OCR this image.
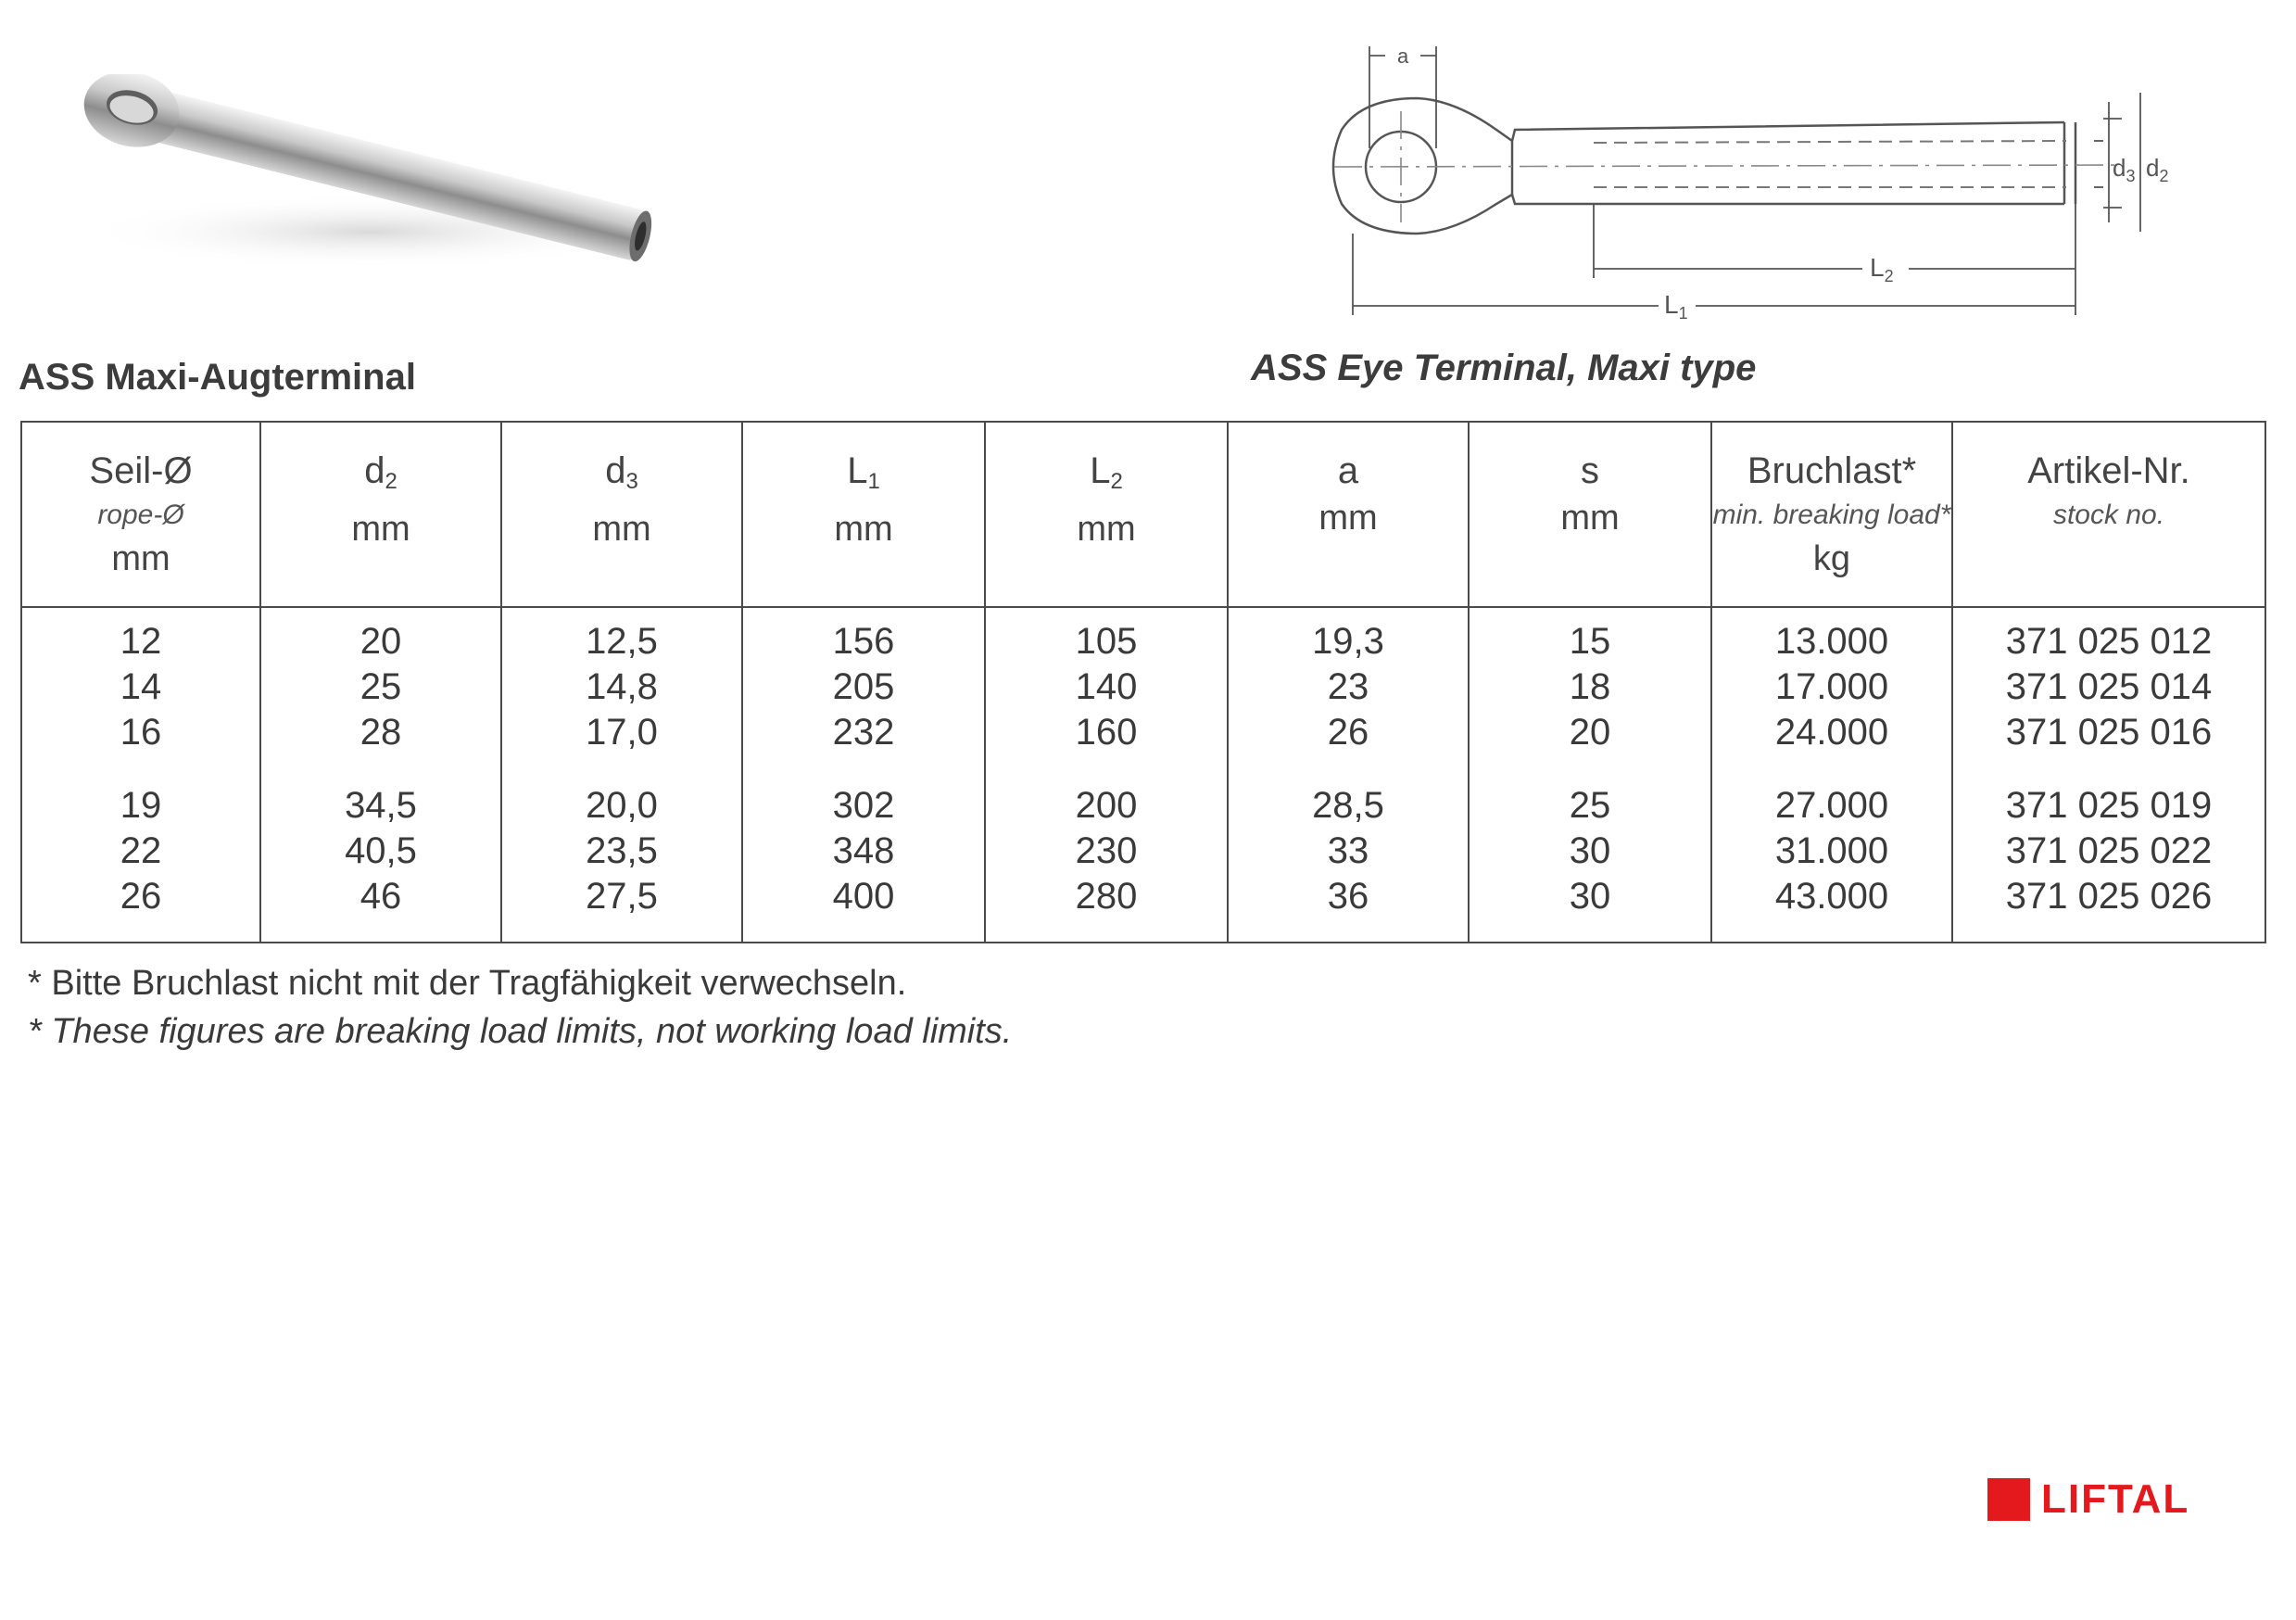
a
$d_3$ $d_2$
$L_2$
$L_1$
ASS Maxi-Augterminal	ASS Eye Terminal, Maxi type
Seil-Ø
rope-Ø
mm
12
14
16
19
22
26
d2
mm
20
25
28
34,5
40,5
46
d3
mm
12,5
14,8
17,0
20,0
23,5
27,5
L1
mm
156
205
232
302
348
400
L2
mm
105
140
160
200
230
280
a
mm
19,3
23
26
28,5
33
36
s
mm
15
18
20
25
30
30
Bruchlast*
min. breaking load*
kg
13.000
17.000
24.000
27.000
31.000
43.000
Artikel-Nr.
stock no.
371 025 012
371 025 014
371 025 016
371 025 019
371 025 022
371 025 026
* Bitte Bruchlast nicht mit der Tragfähigkeit verwechseln.
* These figures are breaking load limits, not working load limits.
LIFTAL
